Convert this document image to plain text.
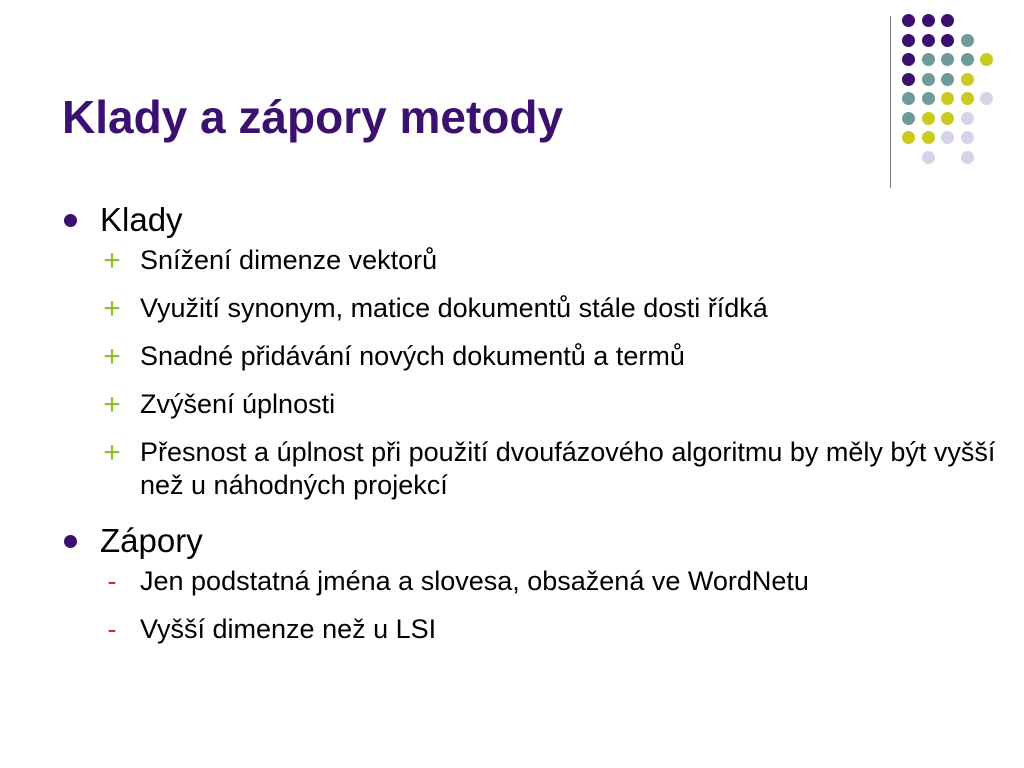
Klady a zápory metody
Klady
+ Snížení dimenze vektorů
+ Využití synonym, matice dokumentů stále dosti řídká
+ Snadné přidávání nových dokumentů a termů
+ Zvýšení úplnosti
+ Přesnost a úplnost při použití dvoufázového algoritmu by měly být vyšší než u náhodných projekcí
Zápory
- Jen podstatná jména a slovesa, obsažená ve WordNetu
- Vyšší dimenze než u LSI
